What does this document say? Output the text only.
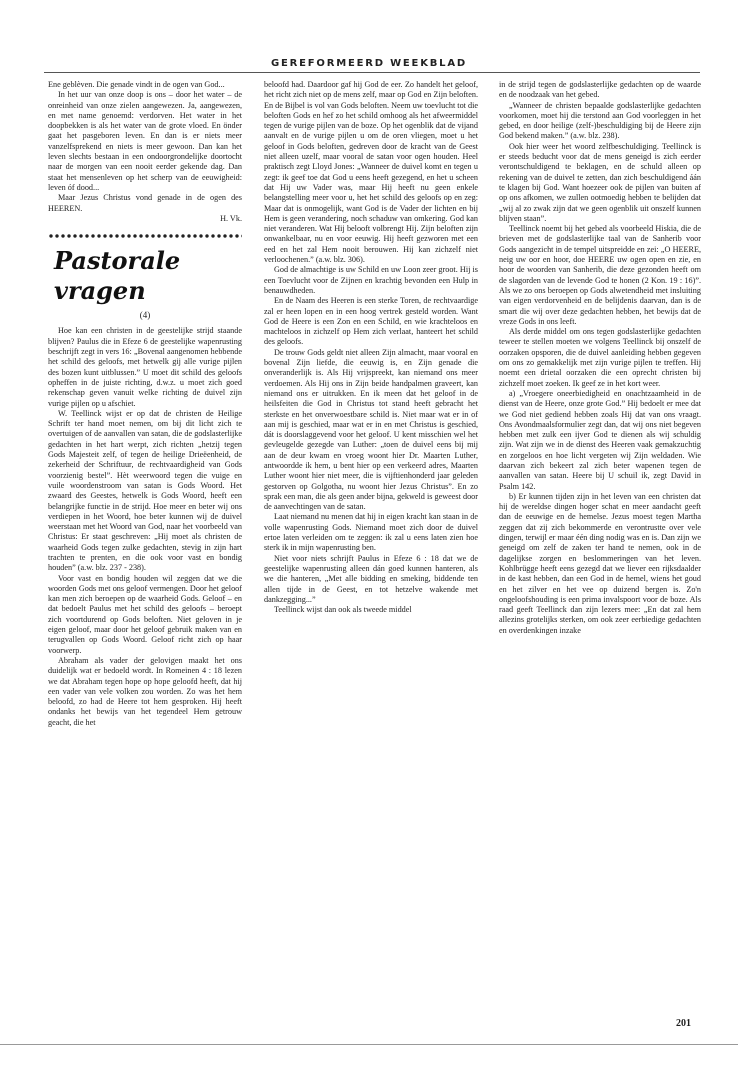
GEREFORMEERD WEEKBLAD

Ene geblèven. Die genade vindt in de ogen van God...

In het uur van onze doop is ons – door het water – de onreinheid van onze zielen aangewezen. Ja, aangewezen, en met name genoemd: verdorven. Het water in het doopbekken is als het water van de grote vloed. En önder gaat het pasgeboren leven. En dan is er niets meer vanzelfsprekend en niets is meer gewoon. Dan kan het leven slechts bestaan in een ondoorgrondelijke doortocht naar de morgen van een nooit eerder gekende dag. Dan staat het mensenleven op het scherp van de eeuwigheid: leven óf dood...

Maar Jezus Christus vond genade in de ogen des HEEREN.

H. Vk.
Pastorale vragen
(4)

Hoe kan een christen in de geestelijke strijd staande blijven? Paulus die in Efeze 6 de geestelijke wapenrusting beschrijft zegt in vers 16: „Bovenal aangenomen hebbende het schild des geloofs, met hetwelk gij alle vurige pijlen des bozen kunt uitblussen.” U moet dit schild des geloofs opheffen in de juiste richting, d.w.z. u moet zich goed rekenschap geven vanuit welke richting de duivel zijn vurige pijlen op u afschiet.

W. Teellinck wijst er op dat de christen de Heilige Schrift ter hand moet nemen, om bij dit licht zich te overtuigen of de aanvallen van satan, die de godslasterlijke gedachten in het hart werpt, zich richten „hetzij tegen Gods Majesteit zelf, of tegen de heilige Drieëenheid, de zekerheid der Schriftuur, de rechtvaardigheid van Gods voorzienig bestel”. Hèt weerwoord tegen die vuige en vuile woordenstroom van satan is Gods Woord. Het zwaard des Geestes, hetwelk is Gods Woord, heeft een belangrijke functie in de strijd. Hoe meer en beter wij ons verdiepen in het Woord, hoe beter kunnen wij de duivel weerstaan met het Woord van God, naar het voorbeeld van Christus: Er staat geschreven: „Hij moet als christen de waarheid Gods tegen zulke gedachten, stevig in zijn hart trachten te prenten, en die ook voor vast en bondig houden” (a.w. blz. 237 - 238).

Voor vast en bondig houden wil zeggen dat we die woorden Gods met ons geloof vermengen. Door het geloof kan men zich beroepen op de waarheid Gods. Geloof – en dat bedoelt Paulus met het schild des geloofs – beroept zich voortdurend op Gods beloften. Niet geloven in je eigen geloof, maar door het geloof gebruik maken van en terugvallen op Gods Woord. Geloof richt zich op haar voorwerp.

Abraham als vader der gelovigen maakt het ons duidelijk wat er bedoeld wordt. In Romeinen 4 : 18 lezen we dat Abraham tegen hope op hope geloofd heeft, dat hij een vader van vele volken zou worden. Zo was het hem beloofd, zo had de Heere tot hem gesproken. Hij heeft ondanks het bewijs van het tegendeel Hem getrouw geacht, die het

beloofd had. Daardoor gaf hij God de eer. Zo handelt het geloof, het richt zich niet op de mens zelf, maar op God en Zijn beloften. En de Bijbel is vol van Gods beloften. Neem uw toevlucht tot die beloften Gods en hef zo het schild omhoog als het afweermiddel tegen de vurige pijlen van de boze. Op het ogenblik dat de vijand aanvalt en de vurige pijlen u om de oren vliegen, moet u het geloof in Gods beloften, gedreven door de kracht van de Geest niet alleen uzelf, maar vooral de satan voor ogen houden. Heel praktisch zegt Lloyd Jones: „Wanneer de duivel komt en tegen u zegt: ik geef toe dat God u eens heeft gezegend, en het u scheen dat Hij uw Vader was, maar Hij heeft nu geen enkele belangstelling meer voor u, het het schild des geloofs op en zeg: Maar dat is onmogelijk, want God is de Vader der lichten en bij Hem is geen verandering, noch schaduw van omkering. God kan niet veranderen. Wat Hij belooft volbrengt Hij. Zijn beloften zijn onwankelbaar, nu en voor eeuwig. Hij heeft gezworen met een eed en het zal Hem nooit berouwen. Hij kan zichzelf niet verloochenen.” (a.w. blz. 306).

God de almachtige is uw Schild en uw Loon zeer groot. Hij is een Toevlucht voor de Zijnen en krachtig bevonden een Hulp in benauwdheden.

En de Naam des Heeren is een sterke Toren, de rechtvaardige zal er heen lopen en in een hoog vertrek gesteld worden. Want God de Heere is een Zon en een Schild, en wie krachteloos en machteloos in zichzelf op Hem zich verlaat, hanteert het schild des geloofs.

De trouw Gods geldt niet alleen Zijn almacht, maar vooral en bovenal Zijn liefde, die eeuwig is, en Zijn genade die onveranderlijk is. Als Hij vrijspreekt, kan niemand ons meer verdoemen. Als Hij ons in Zijn beide handpalmen graveert, kan niemand ons er uitrukken. En ik meen dat het geloof in de heilsfeiten die God in Christus tot stand heeft gebracht het sterkste en het onverwoestbare schild is. Niet maar wat er in of aan mij is geschied, maar wat er in en met Christus is geschied, dát is doorslaggevend voor het geloof. U kent misschien wel het gevleugelde gezegde van Luther: „toen de duivel eens bij mij aan de deur kwam en vroeg woont hier Dr. Maarten Luther, antwoordde ik hem, u bent hier op een verkeerd adres, Maarten Luther woont hier niet meer, die is vijftienhonderd jaar geleden gestorven op Golgotha, nu woont hier Jezus Christus”. En zo sprak een man, die als geen ander bijna, gekweld is geweest door de aanvechtingen van de satan.

Laat niemand nu menen dat hij in eigen kracht kan staan in de volle wapenrusting Gods. Niemand moet zich door de duivel ertoe laten verleiden om te zeggen: ik zal u eens laten zien hoe sterk ik in mijn wapenrusting ben.

Niet voor niets schrijft Paulus in Efeze 6 : 18 dat we de geestelijke wapenrusting alleen dán goed kunnen hanteren, als we die hanteren, „Met alle bidding en smeking, biddende ten allen tijde in de Geest, en tot hetzelve wakende met dankzegging...”

Teellinck wijst dan ook als tweede middel

in de strijd tegen de godslasterlijke gedachten op de waarde en de noodzaak van het gebed.

„Wanneer de christen bepaalde godslasterlijke gedachten voorkomen, moet hij die terstond aan God voorleggen in het gebed, en door heilige (zelf-)beschuldiging bij de Heere zijn God bekend maken.” (a.w. blz. 238).

Ook hier weer het woord zelfbeschuldiging. Teellinck is er steeds beducht voor dat de mens geneigd is zich eerder verontschuldigend te beklagen, en de schuld alleen op rekening van de duivel te zetten, dan zich beschuldigend áán te klagen bij God. Want hoezeer ook de pijlen van buiten af op ons afkomen, we zullen ootmoedig hebben te belijden dat „wij al zo zwak zijn dat we geen ogenblik uit onszelf kunnen blijven staan”.

Teellinck noemt bij het gebed als voorbeeld Hiskia, die de brieven met de godslasterlijke taal van de Sanherib voor Gods aangezicht in de tempel uitspreidde en zei: „O HEERE, neig uw oor en hoor, doe HEERE uw ogen open en zie, en hoor de woorden van Sanherib, die deze gezonden heeft om de slagorden van de levende God te honen (2 Kon. 19 : 16)”. Als we zo ons beroepen op Gods alwetendheid met insluiting van eigen verdorvenheid en de belijdenis daarvan, dan is de smart die wij over deze gedachten hebben, het bewijs dat de vreze Gods in ons leeft.

Als derde middel om ons tegen godslasterlijke gedachten teweer te stellen moeten we volgens Teellinck bij onszelf de oorzaken opsporen, die de duivel aanleiding hebben gegeven om ons zo gemakkelijk met zijn vurige pijlen te treffen. Hij noemt een drietal oorzaken die een oprecht christen bij zichzelf moet zoeken. Ik geef ze in het kort weer.

a) „Vroegere oneerbiedigheid en onachtzaamheid in de dienst van de Heere, onze grote God.” Hij bedoelt er mee dat we God niet gediend hebben zoals Hij dat van ons vraagt. Ons Avondmaalsformulier zegt dan, dat wij ons niet begeven hebben met zulk een ijver God te dienen als wij schuldig zijn. Wat zijn we in de dienst des Heeren vaak gemakzuchtig en zorgeloos en hoe licht vergeten wij Zijn weldaden. Wie daarvan zich bekeert zal zich beter wapenen tegen de aanvallen van satan. Heere bij U schuil ik, zegt David in Psalm 142.

b) Er kunnen tijden zijn in het leven van een christen dat hij de wereldse dingen hoger schat en meer aandacht geeft dan de eeuwige en de hemelse. Jezus moest tegen Martha zeggen dat zij zich bekommerde en verontrustte over vele dingen, terwijl er maar één ding nodig was en is. Dan zijn we geneigd om zelf de zaken ter hand te nemen, ook in de dagelijkse zorgen en beslommeringen van het leven. Kohlbrügge heeft eens gezegd dat we liever een rijksdaalder in de kast hebben, dan een God in de hemel, wiens het goud en het zilver en het vee op duizend bergen is. Zo'n ongeloofshouding is een prima invalspoort voor de boze. Als raad geeft Teellinck dan zijn lezers mee: „En dat zal hem allezins grotelijks sterken, om ook zeer eerbiedige gedachten en overdenkingen inzake

201
